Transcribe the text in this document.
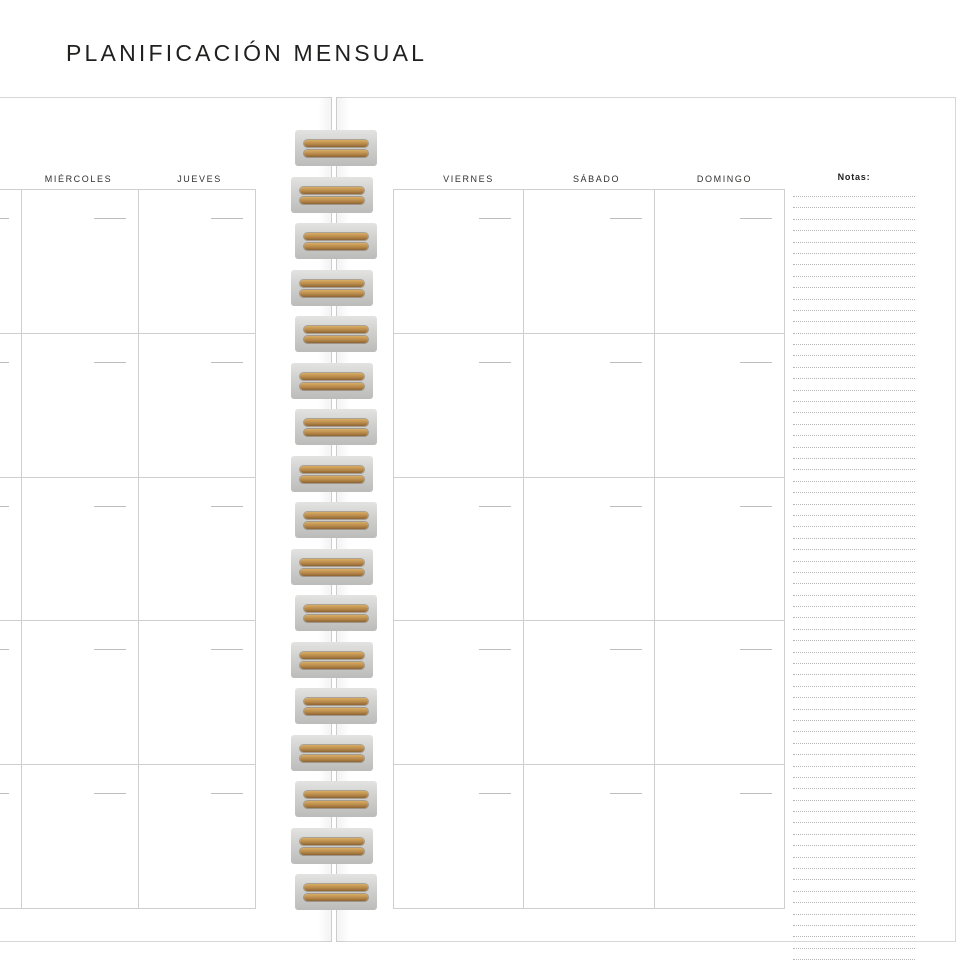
PLANIFICACIÓN MENSUAL
MIÉRCOLES	JUEVES	VIERNES	SÁBADO	DOMINGO	Notas:
